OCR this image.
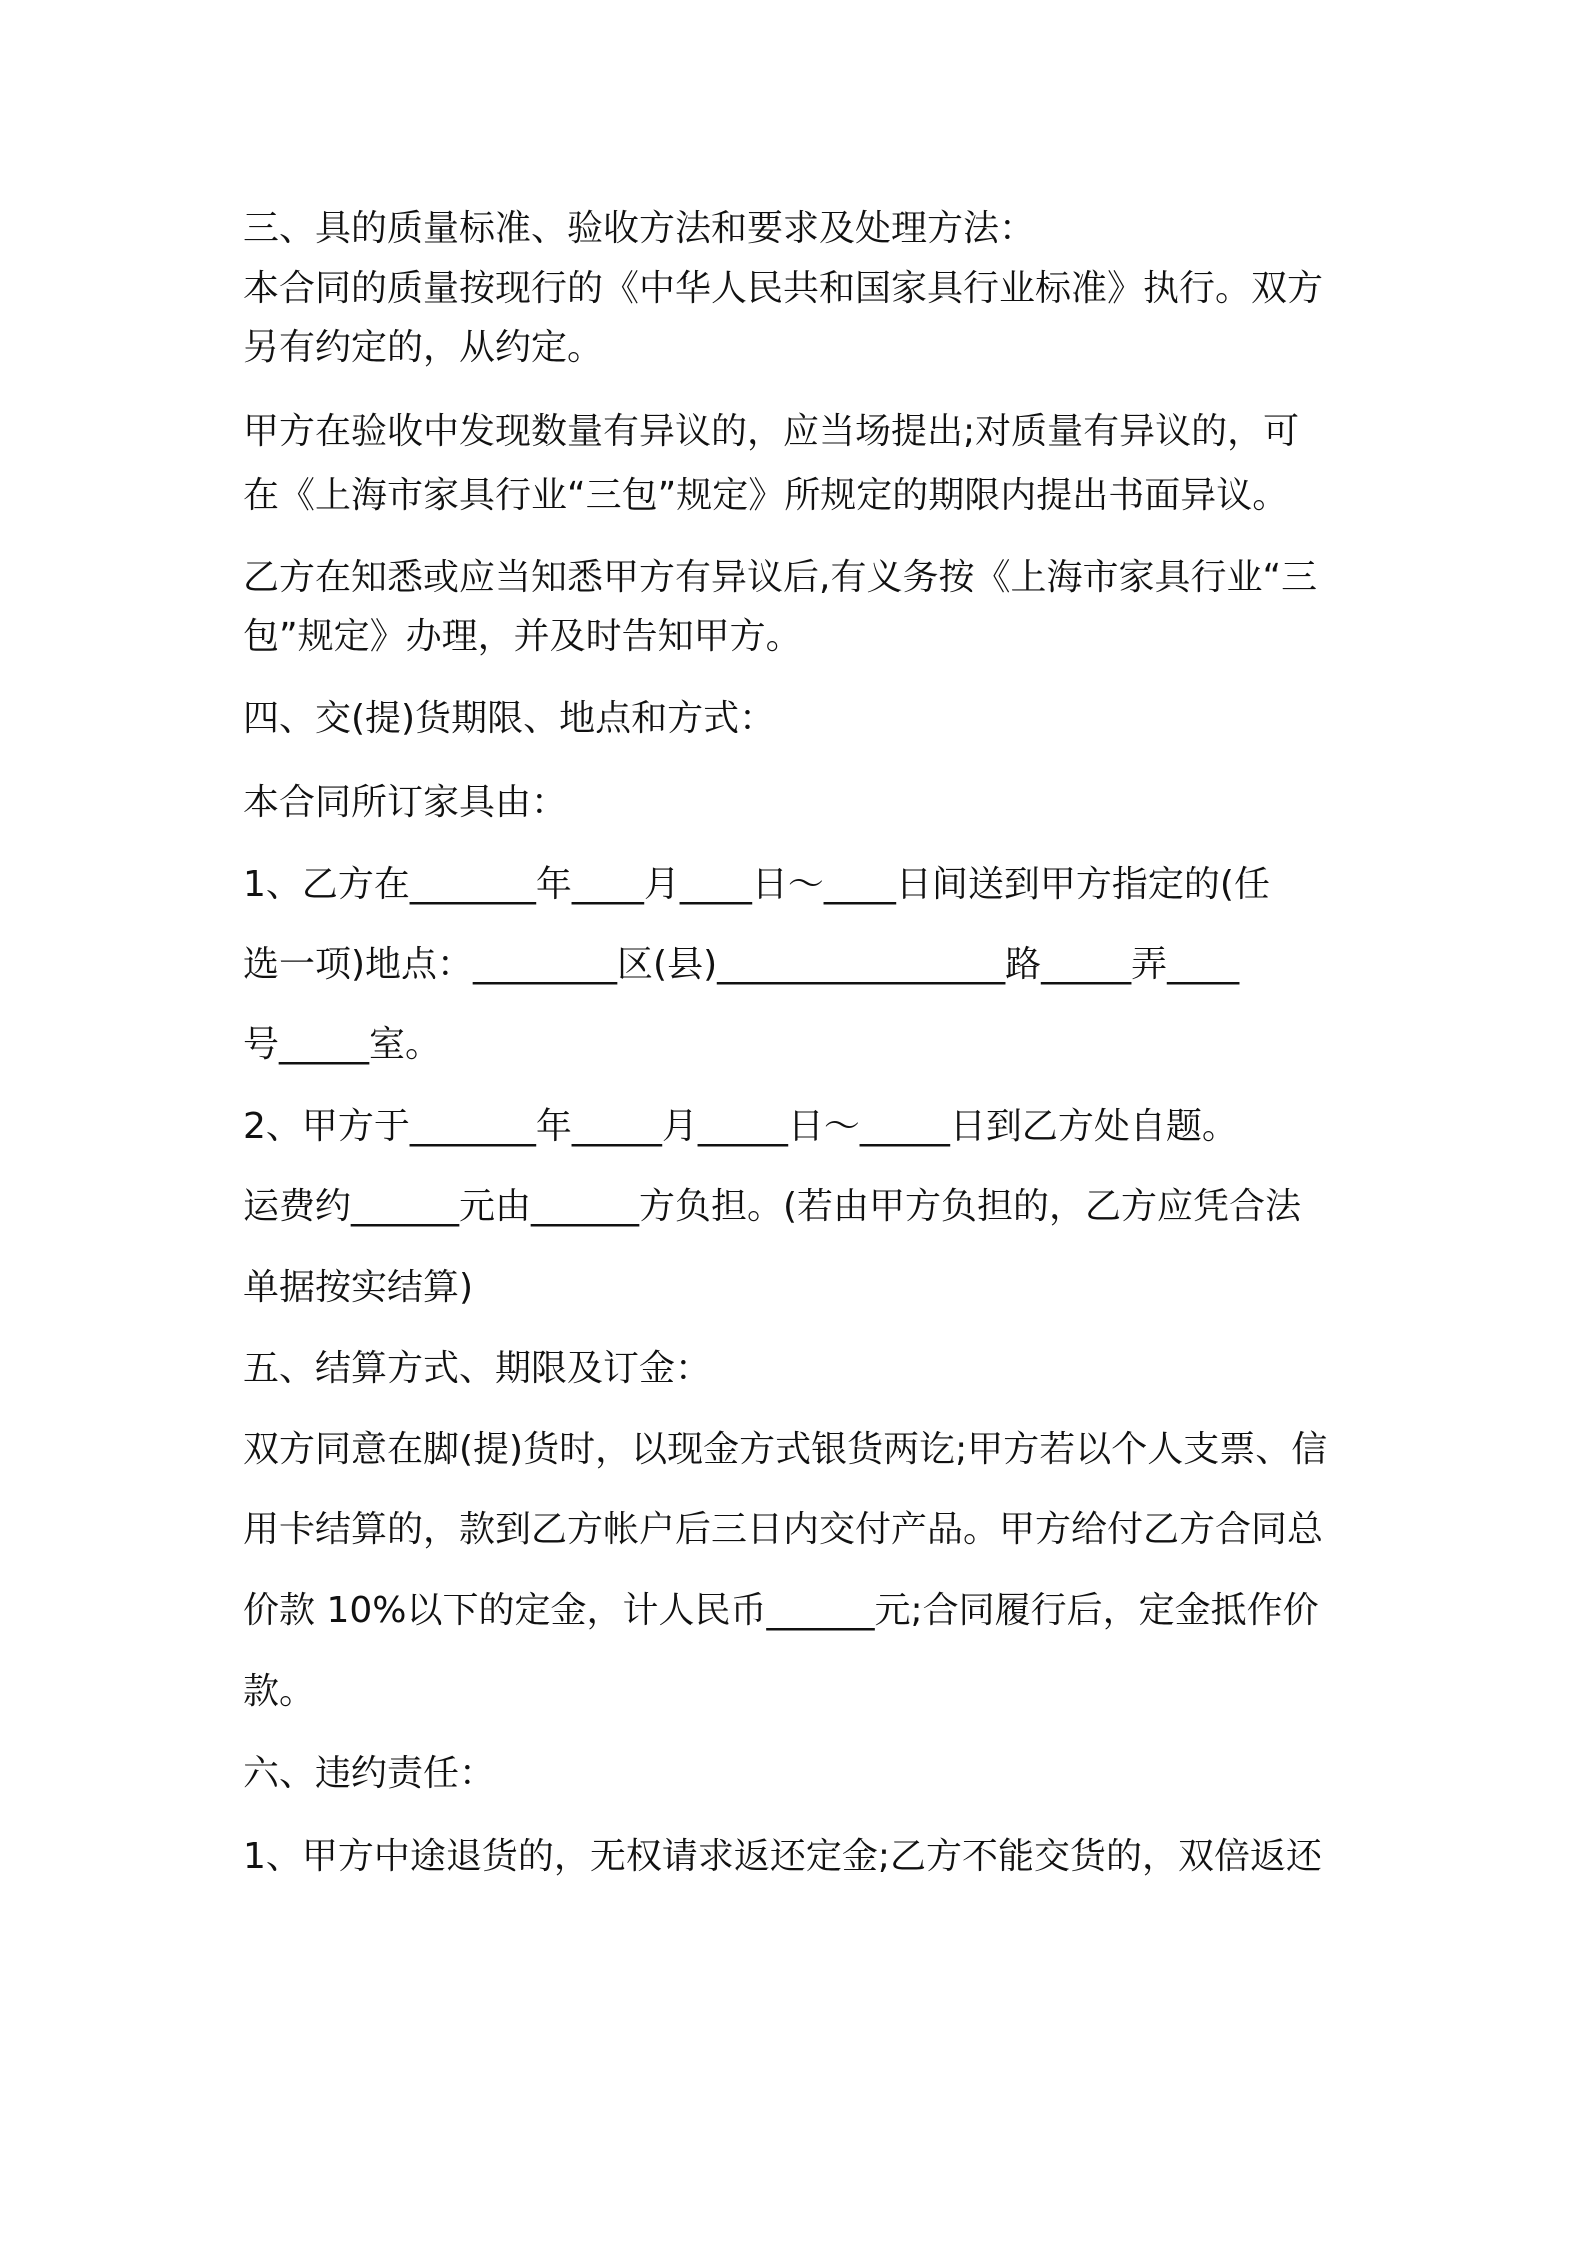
三、具的质量标准、验收方法和要求及处理方法：
本合同的质量按现行的《中华人民共和国家具行业标准》执行。双方
另有约定的，从约定。
甲方在验收中发现数量有异议的，应当场提出;对质量有异议的，可
在《上海市家具行业“三包”规定》所规定的期限内提出书面异议。
乙方在知悉或应当知悉甲方有异议后,有义务按《上海市家具行业“三
包”规定》办理，并及时告知甲方。
四、交(提)货期限、地点和方式：
本合同所订家具由：
1、乙方在_______年____月____日～____日间送到甲方指定的(任
选一项)地点：________区(县)________________路_____弄____
号_____室。
2、甲方于_______年_____月_____日～_____日到乙方处自题。
运费约______元由______方负担。(若由甲方负担的，乙方应凭合法
单据按实结算)
五、结算方式、期限及订金：
双方同意在脚(提)货时，以现金方式银货两讫;甲方若以个人支票、信
用卡结算的，款到乙方帐户后三日内交付产品。甲方给付乙方合同总
价款 10%以下的定金，计人民币______元;合同履行后，定金抵作价
款。
六、违约责任：
1、甲方中途退货的，无权请求返还定金;乙方不能交货的，双倍返还
